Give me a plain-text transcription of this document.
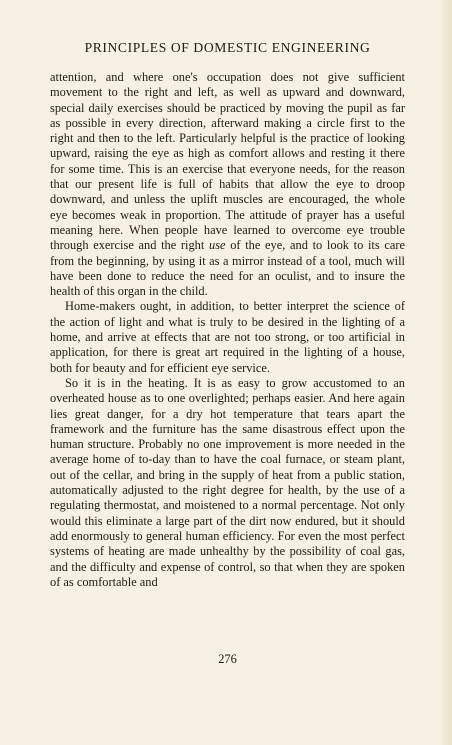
PRINCIPLES OF DOMESTIC ENGINEERING

attention, and where one's occupation does not give sufficient movement to the right and left, as well as upward and downward, special daily exercises should be practiced by moving the pupil as far as possible in every direction, afterward making a circle first to the right and then to the left. Particularly helpful is the practice of looking upward, raising the eye as high as comfort allows and resting it there for some time. This is an exercise that everyone needs, for the reason that our present life is full of habits that allow the eye to droop downward, and unless the uplift muscles are encouraged, the whole eye becomes weak in proportion. The attitude of prayer has a useful meaning here. When people have learned to overcome eye trouble through exercise and the right use of the eye, and to look to its care from the beginning, by using it as a mirror instead of a tool, much will have been done to reduce the need for an oculist, and to insure the health of this organ in the child.

Home-makers ought, in addition, to better interpret the science of the action of light and what is truly to be desired in the lighting of a home, and arrive at effects that are not too strong, or too artificial in application, for there is great art required in the lighting of a house, both for beauty and for efficient eye service.

So it is in the heating. It is as easy to grow accustomed to an overheated house as to one overlighted; perhaps easier. And here again lies great danger, for a dry hot temperature that tears apart the framework and the furniture has the same disastrous effect upon the human structure. Probably no one improvement is more needed in the average home of to-day than to have the coal furnace, or steam plant, out of the cellar, and bring in the supply of heat from a public station, automatically adjusted to the right degree for health, by the use of a regulating thermostat, and moistened to a normal percentage. Not only would this eliminate a large part of the dirt now endured, but it should add enormously to general human efficiency. For even the most perfect systems of heating are made unhealthy by the possibility of coal gas, and the difficulty and expense of control, so that when they are spoken of as comfortable and

276
